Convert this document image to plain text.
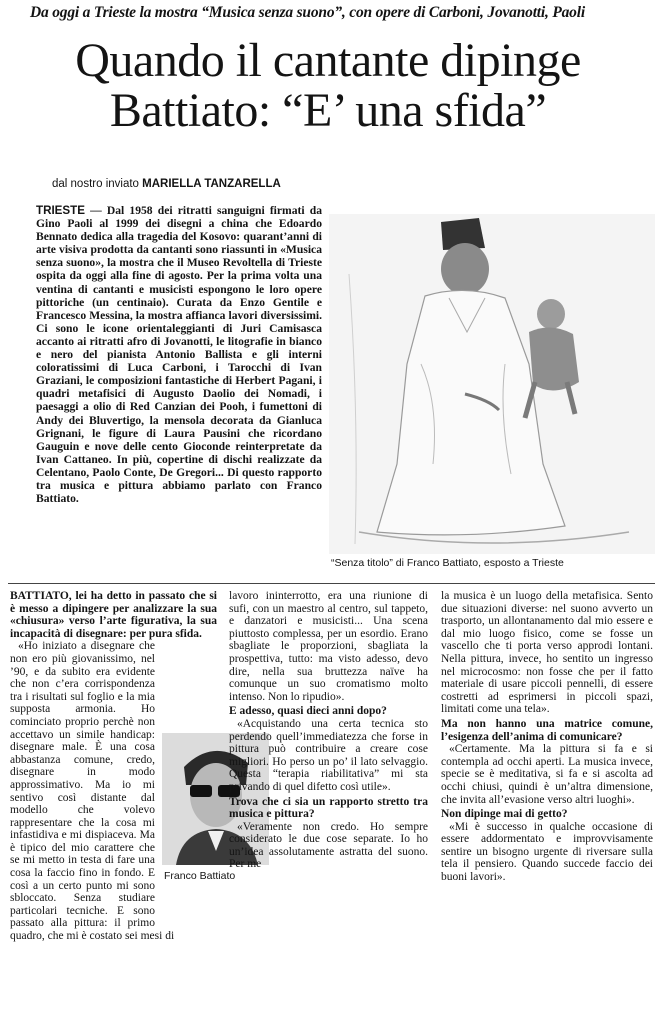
Da oggi a Trieste la mostra “Musica senza suono”, con opere di Carboni, Jovanotti, Paoli
Quando il cantante dipinge
Battiato: “E’ una sfida”
dal nostro inviato MARIELLA TANZARELLA
TRIESTE — Dal 1958 dei ritratti sanguigni firmati da Gino Paoli al 1999 dei disegni a china che Edoardo Bennato dedica alla tragedia del Kosovo: quarant’anni di arte visiva prodotta da cantanti sono riassunti in «Musica senza suono», la mostra che il Museo Revoltella di Trieste ospita da oggi alla fine di agosto. Per la prima volta una ventina di cantanti e musicisti espongono le loro opere pittoriche (un centinaio). Curata da Enzo Gentile e Francesco Messina, la mostra affianca lavori diversissimi. Ci sono le icone orientaleggianti di Juri Camisasca accanto ai ritratti afro di Jovanotti, le litografie in bianco e nero del pianista Antonio Ballista e gli interni coloratissimi di Luca Carboni, i Tarocchi di Ivan Graziani, le composizioni fantastiche di Herbert Pagani, i quadri metafisici di Augusto Daolio dei Nomadi, i paesaggi a olio di Red Canzian dei Pooh, i fumettoni di Andy dei Bluvertigo, la mensola decorata da Gianluca Grignani, le figure di Laura Pausini che ricordano Gauguin e nove delle cento Gioconde reinterpretate da Ivan Cattaneo. In più, copertine di dischi realizzate da Celentano, Paolo Conte, De Gregori... Di questo rapporto tra musica e pittura abbiamo parlato con Franco Battiato.
“Senza titolo” di Franco Battiato, esposto a Trieste

BATTIATO, lei ha detto in passato che si è messo a dipingere per analizzare la sua «chiusura» verso l’arte figurativa, la sua incapacità di disegnare: per pura sfida.

«Ho iniziato a disegnare che non ero più giovanissimo, nel ’90, e da subito era evidente che non c’era corrispondenza tra i risultati sul foglio e la mia supposta armonia. Ho cominciato proprio perchè non accettavo un simile handicap: disegnare male. È una cosa abbastanza comune, credo, disegnare in modo approssimativo. Ma io mi sentivo così distante dal modello che volevo rappresentare che la cosa mi infastidiva e mi dispiaceva. Ma è tipico del mio carattere che se mi metto in testa di fare una cosa la faccio fino in fondo. E così a un certo punto mi sono sbloccato. Senza studiare particolari tecniche. E sono passato alla pittura: il primo quadro, che mi è costato sei mesi di

Franco Battiato

lavoro ininterrotto, era una riunione di sufi, con un maestro al centro, sul tappeto, e danzatori e musicisti... Una scena piuttosto complessa, per un esordio. Erano sbagliate le proporzioni, sbagliata la prospettiva, tutto: ma visto adesso, devo dire, nella sua bruttezza naïve ha comunque un suo cromatismo molto intenso. Non lo ripudio».

E adesso, quasi dieci anni dopo?

«Acquistando una certa tecnica sto perdendo quell’immediatezza che forse in pittura può contribuire a creare cose migliori. Ho perso un po’ il lato selvaggio. Questa “terapia riabilitativa” mi sta privando di quel difetto così utile».

Trova che ci sia un rapporto stretto tra musica e pittura?

«Veramente non credo. Ho sempre considerato le due cose separate. Io ho un’idea assolutamente astratta del suono. Per me

la musica è un luogo della metafisica. Sento due situazioni diverse: nel suono avverto un trasporto, un allontanamento dal mio essere e dal mio luogo fisico, come se fosse un vascello che ti porta verso approdi lontani. Nella pittura, invece, ho sentito un ingresso nel microcosmo: non fosse che per il fatto materiale di usare piccoli pennelli, di essere costretti ad esprimersi in piccoli spazi, limitati come una tela».

Ma non hanno una matrice comune, l’esigenza dell’anima di comunicare?

«Certamente. Ma la pittura si fa e si contempla ad occhi aperti. La musica invece, specie se è meditativa, si fa e si ascolta ad occhi chiusi, quindi è un’altra dimensione, che invita all’evasione verso altri luoghi».

Non dipinge mai di getto?

«Mi è successo in qualche occasione di essere addormentato e improvvisamente sentire un bisogno urgente di riversare sulla tela il pensiero. Quando succede faccio dei buoni lavori».
